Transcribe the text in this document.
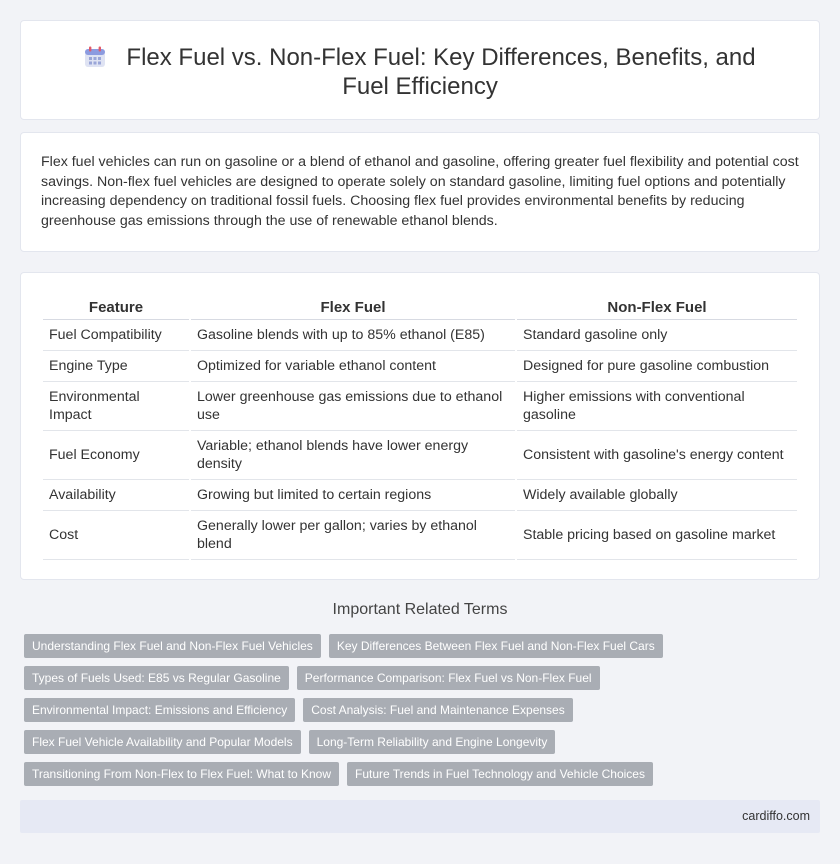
Flex Fuel vs. Non-Flex Fuel: Key Differences, Benefits, and Fuel Efficiency

Flex fuel vehicles can run on gasoline or a blend of ethanol and gasoline, offering greater fuel flexibility and potential cost savings. Non-flex fuel vehicles are designed to operate solely on standard gasoline, limiting fuel options and potentially increasing dependency on traditional fossil fuels. Choosing flex fuel provides environmental benefits by reducing greenhouse gas emissions through the use of renewable ethanol blends.

Feature	Flex Fuel	Non-Flex Fuel
Fuel Compatibility	Gasoline blends with up to 85% ethanol (E85)	Standard gasoline only
Engine Type	Optimized for variable ethanol content	Designed for pure gasoline combustion
Environmental Impact	Lower greenhouse gas emissions due to ethanol use	Higher emissions with conventional gasoline
Fuel Economy	Variable; ethanol blends have lower energy density	Consistent with gasoline's energy content
Availability	Growing but limited to certain regions	Widely available globally
Cost	Generally lower per gallon; varies by ethanol blend	Stable pricing based on gasoline market
Important Related Terms
Understanding Flex Fuel and Non-Flex Fuel Vehicles	Key Differences Between Flex Fuel and Non-Flex Fuel Cars
Types of Fuels Used: E85 vs Regular Gasoline	Performance Comparison: Flex Fuel vs Non-Flex Fuel
Environmental Impact: Emissions and Efficiency	Cost Analysis: Fuel and Maintenance Expenses
Flex Fuel Vehicle Availability and Popular Models	Long-Term Reliability and Engine Longevity
Transitioning From Non-Flex to Flex Fuel: What to Know	Future Trends in Fuel Technology and Vehicle Choices
cardiffo.com
